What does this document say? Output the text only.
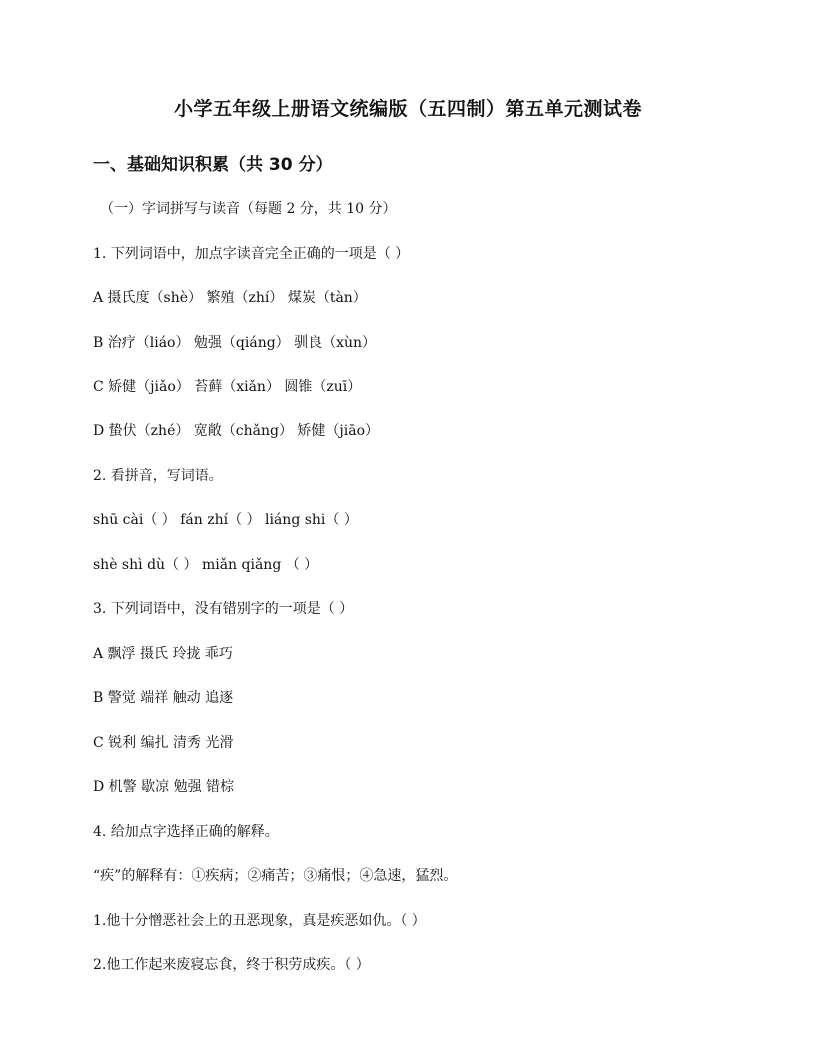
小学五年级上册语文统编版（五四制）第五单元测试卷
一、基础知识积累（共 30 分）
（一）字词拼写与读音（每题 2 分，共 10 分）
1. 下列词语中，加点字读音完全正确的一项是（ ）
A 摄氏度（shè） 繁殖（zhí） 煤炭（tàn）
B 治疗（liáo） 勉强（qiáng） 驯良（xùn）
C 矫健（jiǎo） 苔藓（xiǎn） 圆锥（zuī）
D 蛰伏（zhé） 宽敞（chǎng） 矫健（jiāo）
2. 看拼音，写词语。
shū cài（ ） fán zhí（ ） liáng shi（ ）
shè shì dù（ ） miǎn qiǎng （ ）
3. 下列词语中，没有错别字的一项是（ ）
A 飘浮 摄氏 玲拢 乖巧
B 警觉 端祥 触动 追逐
C 锐利 编扎 清秀 光滑
D 机警 歇凉 勉强 错棕
4. 给加点字选择正确的解释。
“疾”的解释有：①疾病；②痛苦；③痛恨；④急速，猛烈。
1.他十分憎恶社会上的丑恶现象，真是疾恶如仇。（ ）
2.他工作起来废寝忘食，终于积劳成疾。（ ）
